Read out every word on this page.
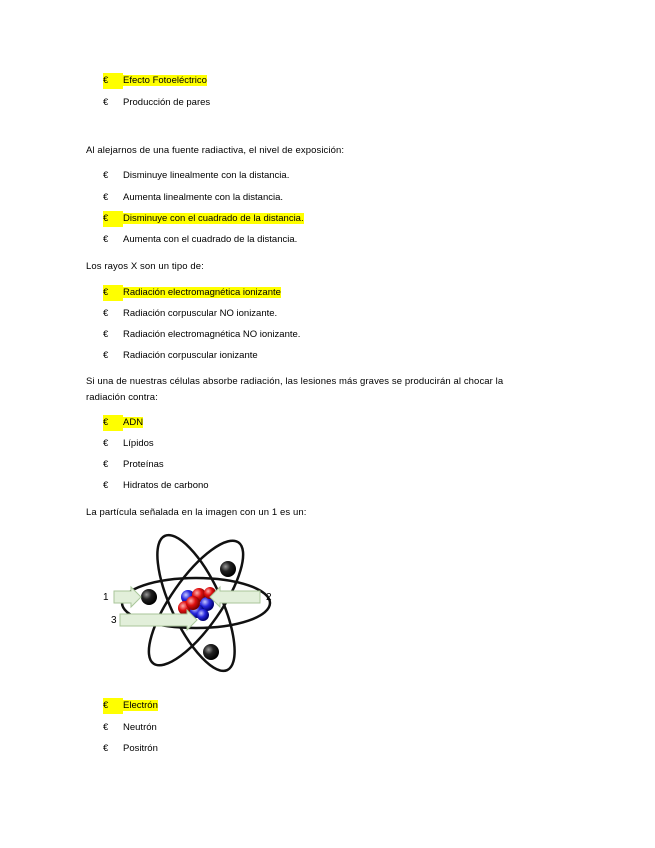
€ Efecto Fotoeléctrico
€ Producción de pares
Al alejarnos de una fuente radiactiva, el nivel de exposición:
€ Disminuye linealmente con la distancia.
€ Aumenta linealmente con la distancia.
€ Disminuye con el cuadrado de la distancia.
€ Aumenta con el cuadrado de la distancia.
Los rayos X son un tipo de:
€ Radiación electromagnética ionizante
€ Radiación corpuscular NO ionizante.
€ Radiación electromagnética NO ionizante.
€ Radiación corpuscular ionizante
Si una de nuestras células absorbe radiación, las lesiones más graves se producirán al chocar la radiación contra:
€ ADN
€ Lípidos
€ Proteínas
€ Hidratos de carbono
La partícula señalada en la imagen con un 1 es un:
1	2
3
€ Electrón
€ Neutrón
€ Positrón
